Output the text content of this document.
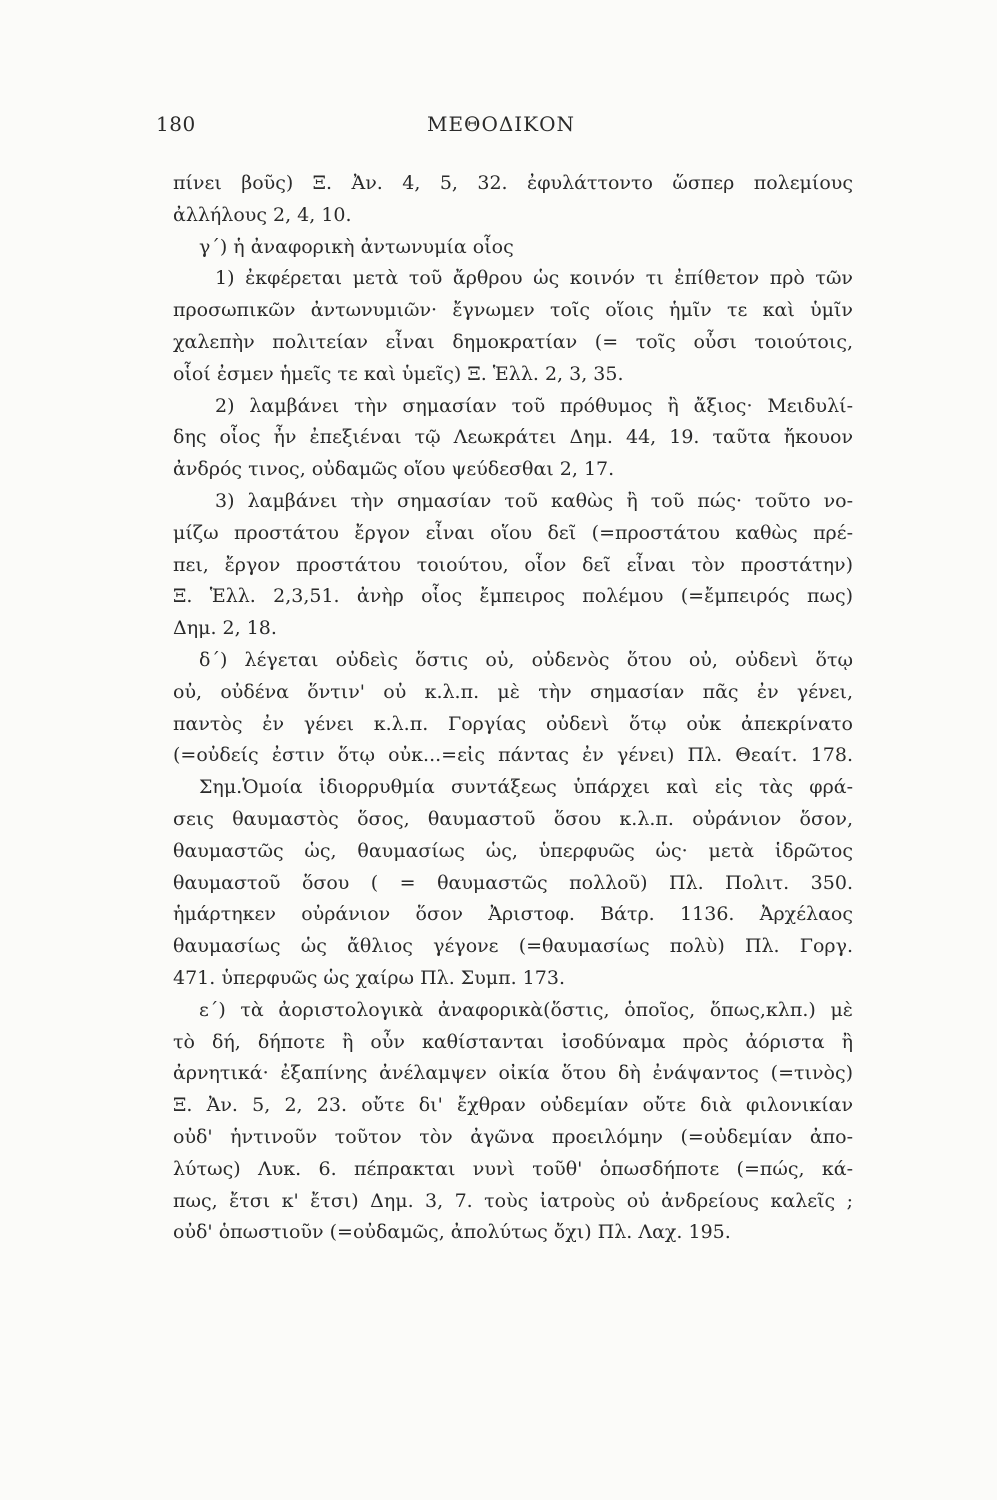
180	ΜΕΘΟΔΙΚΟΝ
πίνει βοῦς) Ξ. Ἀν. 4, 5, 32. ἐφυλάττοντο ὥσπερ πολεμίους
ἀλλήλους 2, 4, 10.
γ΄) ἡ ἀναφορικὴ ἀντωνυμία οἷος
1) ἐκφέρεται μετὰ τοῦ ἄρθρου ὡς κοινόν τι ἐπίθετον πρὸ τῶν
προσωπικῶν ἀντωνυμιῶν· ἔγνωμεν τοῖς οἵοις ἡμῖν τε καὶ ὑμῖν
χαλεπὴν πολιτείαν εἶναι δημοκρατίαν (= τοῖς οὖσι τοιούτοις,
οἷοί ἐσμεν ἡμεῖς τε καὶ ὑμεῖς) Ξ. Ἑλλ. 2, 3, 35.
2) λαμβάνει τὴν σημασίαν τοῦ πρόθυμος ἢ ἄξιος· Μειδυλί-
δης οἷος ἦν ἐπεξιέναι τῷ Λεωκράτει Δημ. 44, 19. ταῦτα ἤκουον
ἀνδρός τινος, οὐδαμῶς οἵου ψεύδεσθαι 2, 17.
3) λαμβάνει τὴν σημασίαν τοῦ καθὼς ἢ τοῦ πώς· τοῦτο νο-
μίζω προστάτου ἔργον εἶναι οἵου δεῖ (=προστάτου καθὼς πρέ-
πει, ἔργον προστάτου τοιούτου, οἷον δεῖ εἶναι τὸν προστάτην)
Ξ. Ἑλλ. 2,3,51. ἀνὴρ οἷος ἔμπειρος πολέμου (=ἔμπειρός πως)
Δημ. 2, 18.
δ΄) λέγεται οὐδεὶς ὅστις οὐ, οὐδενὸς ὅτου οὐ, οὐδενὶ ὅτῳ
οὐ, οὐδένα ὅντιν' οὐ κ.λ.π. μὲ τὴν σημασίαν πᾶς ἐν γένει,
παντὸς ἐν γένει κ.λ.π. Γοργίας οὐδενὶ ὅτῳ οὐκ ἀπεκρίνατο
(=οὐδείς ἐστιν ὅτῳ οὐκ...=εἰς πάντας ἐν γένει) Πλ. Θεαίτ. 178.
Σημ.Ὁμοία ἰδιορρυθμία συντάξεως ὑπάρχει καὶ εἰς τὰς φρά-
σεις θαυμαστὸς ὅσος, θαυμαστοῦ ὅσου κ.λ.π. οὐράνιον ὅσον,
θαυμαστῶς ὡς, θαυμασίως ὡς, ὑπερφυῶς ὡς· μετὰ ἱδρῶτος
θαυμαστοῦ ὅσου ( = θαυμαστῶς πολλοῦ) Πλ. Πολιτ. 350.
ἡμάρτηκεν οὐράνιον ὅσον Ἀριστοφ. Βάτρ. 1136. Ἀρχέλαος
θαυμασίως ὡς ἄθλιος γέγονε (=θαυμασίως πολὺ) Πλ. Γοργ.
471. ὑπερφυῶς ὡς χαίρω Πλ. Συμπ. 173.
ε΄) τὰ ἀοριστολογικὰ ἀναφορικὰ(ὅστις, ὁποῖος, ὅπως,κλπ.) μὲ
τὸ δή, δήποτε ἢ οὖν καθίστανται ἰσοδύναμα πρὸς ἀόριστα ἢ
ἀρνητικά· ἐξαπίνης ἀνέλαμψεν οἰκία ὅτου δὴ ἐνάψαντος (=τινὸς)
Ξ. Ἀν. 5, 2, 23. οὔτε δι' ἔχθραν οὐδεμίαν οὔτε διὰ φιλονικίαν
οὐδ' ἡντινοῦν τοῦτον τὸν ἀγῶνα προειλόμην (=οὐδεμίαν ἀπο-
λύτως) Λυκ. 6. πέπρακται νυνὶ τοῦθ' ὁπωσδήποτε (=πώς, κά-
πως, ἔτσι κ' ἔτσι) Δημ. 3, 7. τοὺς ἰατροὺς οὐ ἀνδρείους καλεῖς ;
οὐδ' ὁπωστιοῦν (=οὐδαμῶς, ἀπολύτως ὄχι) Πλ. Λαχ. 195.
